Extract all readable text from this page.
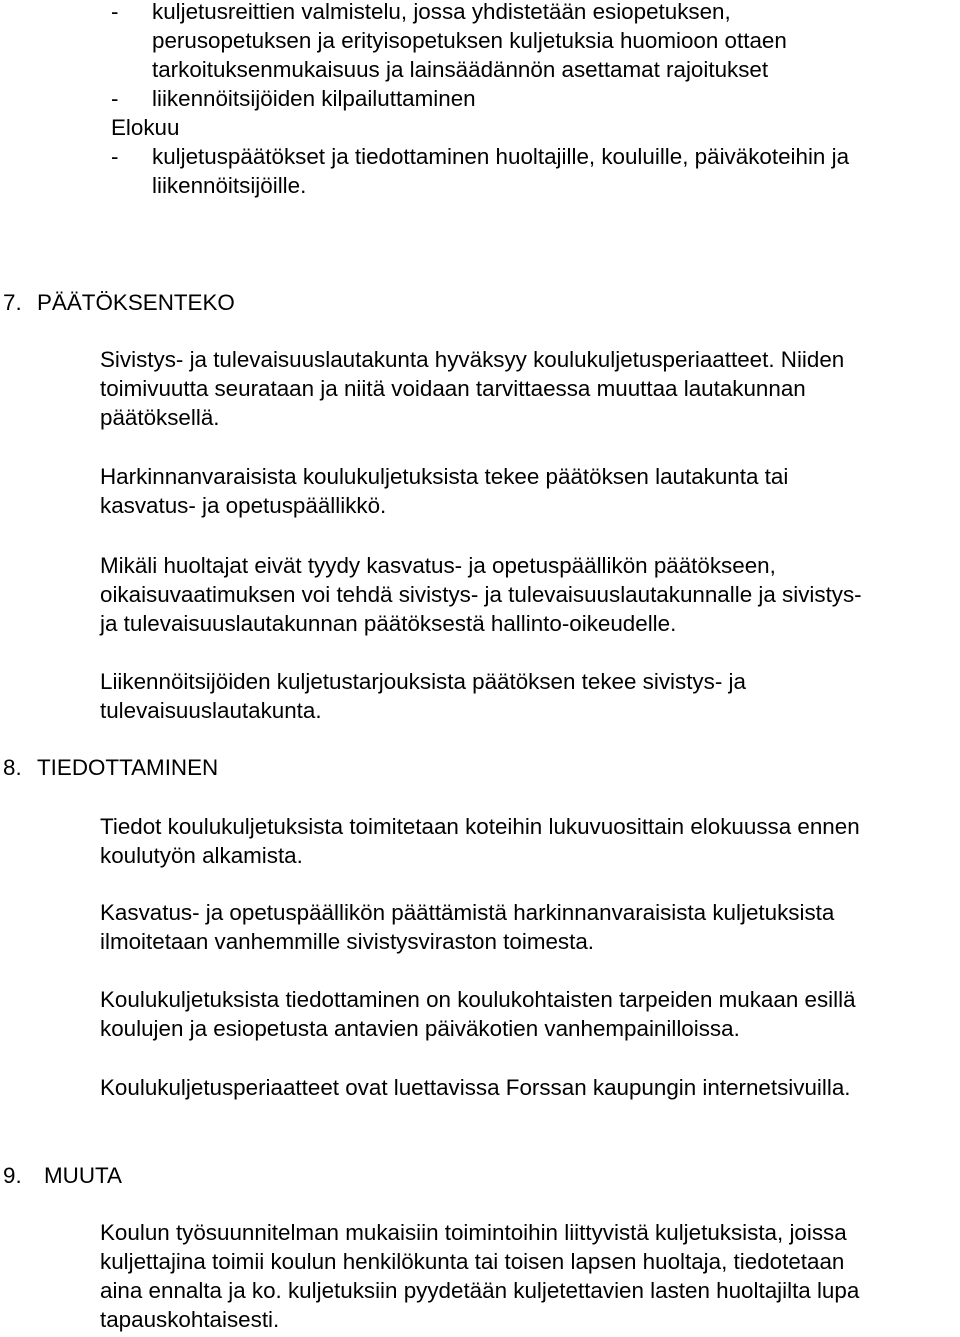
- kuljetusreittien valmistelu, jossa yhdistetään esiopetuksen,
perusopetuksen ja erityisopetuksen kuljetuksia huomioon ottaen
tarkoituksenmukaisuus ja lainsäädännön asettamat rajoitukset
- liikennöitsijöiden kilpailuttaminen
Elokuu
- kuljetuspäätökset ja tiedottaminen huoltajille, kouluille, päiväkoteihin ja
liikennöitsijöille.
7. PÄÄTÖKSENTEKO
Sivistys- ja tulevaisuuslautakunta hyväksyy koulukuljetusperiaatteet. Niiden
toimivuutta seurataan ja niitä voidaan tarvittaessa muuttaa lautakunnan
päätöksellä.
Harkinnanvaraisista koulukuljetuksista tekee päätöksen lautakunta tai
kasvatus- ja opetuspäällikkö.
Mikäli huoltajat eivät tyydy kasvatus- ja opetuspäällikön päätökseen,
oikaisuvaatimuksen voi tehdä sivistys- ja tulevaisuuslautakunnalle ja sivistys-
ja tulevaisuuslautakunnan päätöksestä hallinto-oikeudelle.
Liikennöitsijöiden kuljetustarjouksista päätöksen tekee sivistys- ja
tulevaisuuslautakunta.
8. TIEDOTTAMINEN
Tiedot koulukuljetuksista toimitetaan koteihin lukuvuosittain elokuussa ennen
koulutyön alkamista.
Kasvatus- ja opetuspäällikön päättämistä harkinnanvaraisista kuljetuksista
ilmoitetaan vanhemmille sivistysviraston toimesta.
Koulukuljetuksista tiedottaminen on koulukohtaisten tarpeiden mukaan esillä
koulujen ja esiopetusta antavien päiväkotien vanhempainilloissa.
Koulukuljetusperiaatteet ovat luettavissa Forssan kaupungin internetsivuilla.
9. MUUTA
Koulun työsuunnitelman mukaisiin toimintoihin liittyvistä kuljetuksista, joissa
kuljettajina toimii koulun henkilökunta tai toisen lapsen huoltaja, tiedotetaan
aina ennalta ja ko. kuljetuksiin pyydetään kuljetettavien lasten huoltajilta lupa
tapauskohtaisesti.
